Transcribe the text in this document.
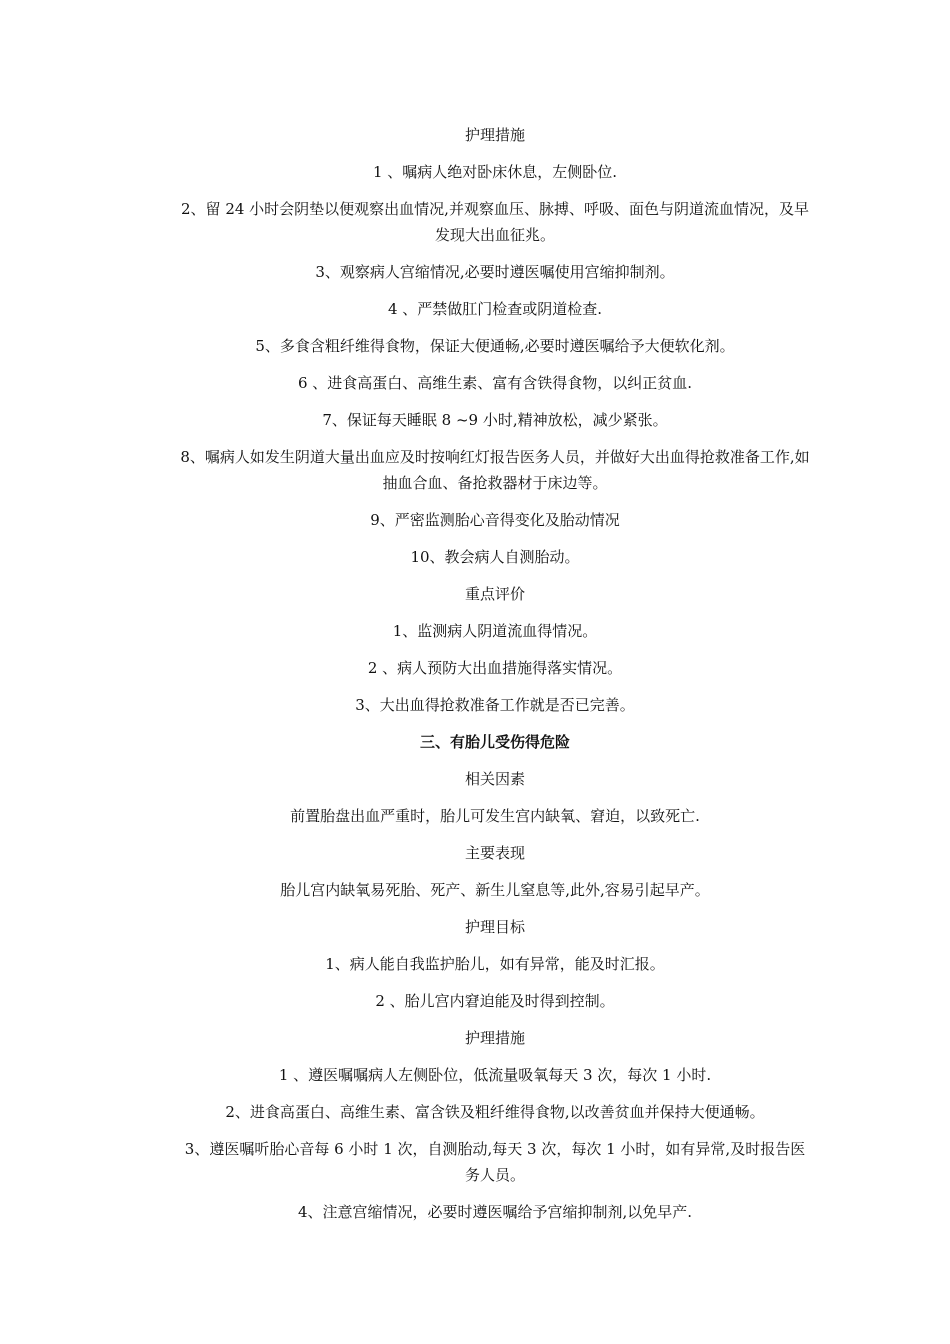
护理措施

1 、嘱病人绝对卧床休息，左侧卧位.

2、留 24 小时会阴垫以便观察出血情况,并观察血压、脉搏、呼吸、面色与阴道流血情况，及早发现大出血征兆。

3、观察病人宫缩情况,必要时遵医嘱使用宫缩抑制剂。

4 、严禁做肛门检查或阴道检查.

5、多食含粗纤维得食物，保证大便通畅,必要时遵医嘱给予大便软化剂。

6 、进食高蛋白、高维生素、富有含铁得食物，以纠正贫血.

7、保证每天睡眠 8 ~9 小时,精神放松，减少紧张。

8、嘱病人如发生阴道大量出血应及时按响红灯报告医务人员，并做好大出血得抢救准备工作,如抽血合血、备抢救器材于床边等。

9、严密监测胎心音得变化及胎动情况

10、教会病人自测胎动。

重点评价

1、监测病人阴道流血得情况。

2 、病人预防大出血措施得落实情况。

3、大出血得抢救准备工作就是否已完善。

三、有胎儿受伤得危险

相关因素

前置胎盘出血严重时，胎儿可发生宫内缺氧、窘迫，以致死亡.

主要表现

胎儿宫内缺氧易死胎、死产、新生儿窒息等,此外,容易引起早产。

护理目标

1、病人能自我监护胎儿，如有异常，能及时汇报。

2 、胎儿宫内窘迫能及时得到控制。

护理措施

1 、遵医嘱嘱病人左侧卧位，低流量吸氧每天 3 次，每次 1 小时.

2、进食高蛋白、高维生素、富含铁及粗纤维得食物,以改善贫血并保持大便通畅。

3、遵医嘱听胎心音每 6 小时 1 次，自测胎动,每天 3 次，每次 1 小时，如有异常,及时报告医务人员。

4、注意宫缩情况，必要时遵医嘱给予宫缩抑制剂,以免早产.
